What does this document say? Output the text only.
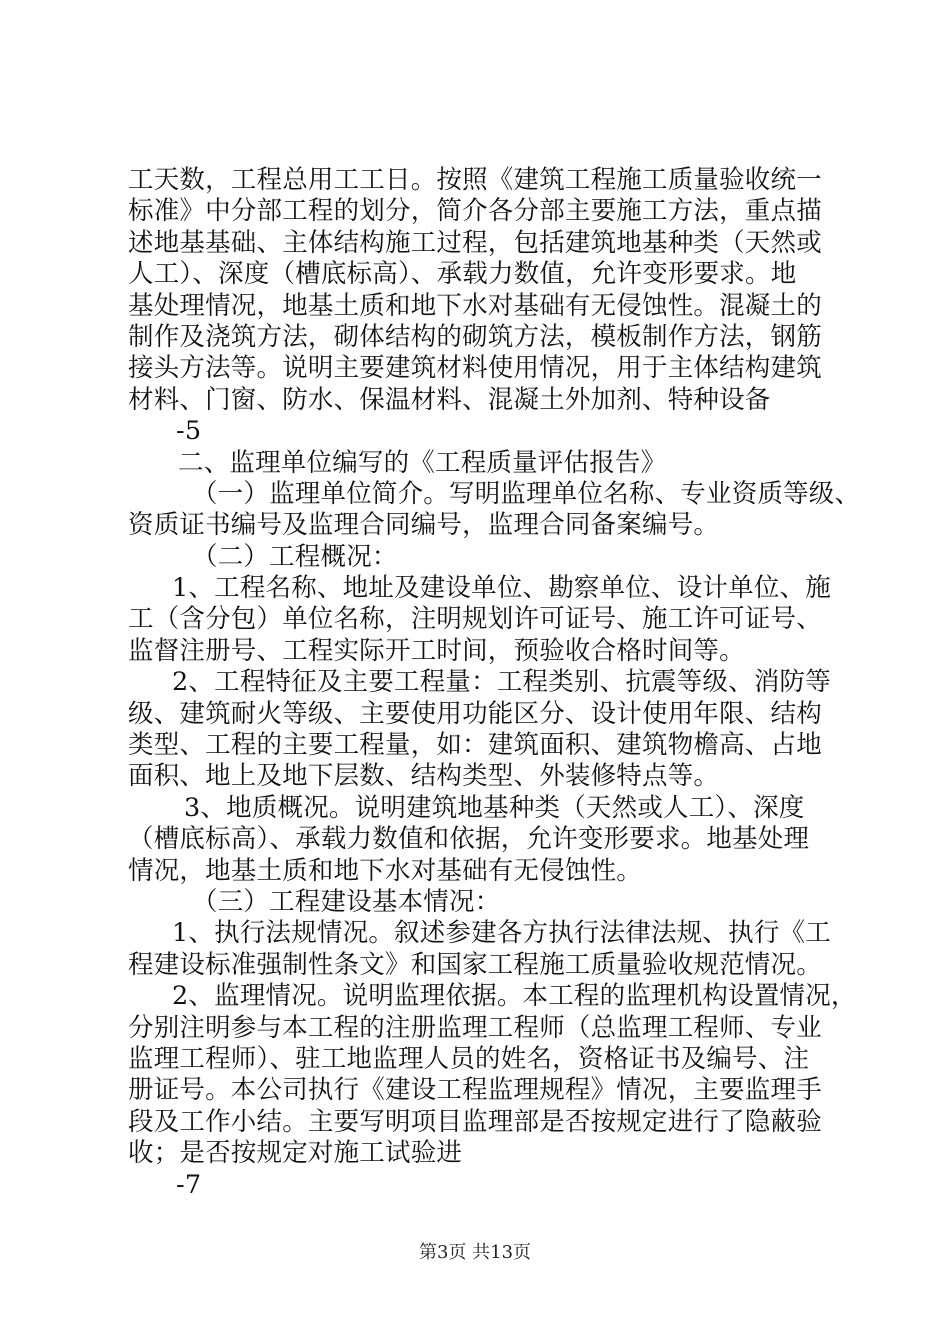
工天数，工程总用工工日。按照《建筑工程施工质量验收统一
标准》中分部工程的划分，简介各分部主要施工方法，重点描
述地基基础、主体结构施工过程，包括建筑地基种类（天然或
人工）、深度（槽底标高）、承载力数值，允许变形要求。地
基处理情况，地基土质和地下水对基础有无侵蚀性。混凝土的
制作及浇筑方法，砌体结构的砌筑方法，模板制作方法，钢筋
接头方法等。说明主要建筑材料使用情况，用于主体结构建筑
材料、门窗、防水、保温材料、混凝土外加剂、特种设备
-5
二、监理单位编写的《工程质量评估报告》
（一）监理单位简介。写明监理单位名称、专业资质等级、
资质证书编号及监理合同编号，监理合同备案编号。
（二）工程概况：
1、工程名称、地址及建设单位、勘察单位、设计单位、施
工（含分包）单位名称，注明规划许可证号、施工许可证号、
监督注册号、工程实际开工时间，预验收合格时间等。
2、工程特征及主要工程量：工程类别、抗震等级、消防等
级、建筑耐火等级、主要使用功能区分、设计使用年限、结构
类型、工程的主要工程量，如：建筑面积、建筑物檐高、占地
面积、地上及地下层数、结构类型、外装修特点等。
3、地质概况。说明建筑地基种类（天然或人工）、深度
（槽底标高）、承载力数值和依据，允许变形要求。地基处理
情况，地基土质和地下水对基础有无侵蚀性。
（三）工程建设基本情况：
1、执行法规情况。叙述参建各方执行法律法规、执行《工
程建设标准强制性条文》和国家工程施工质量验收规范情况。
2、监理情况。说明监理依据。本工程的监理机构设置情况，
分别注明参与本工程的注册监理工程师（总监理工程师、专业
监理工程师）、驻工地监理人员的姓名，资格证书及编号、注
册证号。本公司执行《建设工程监理规程》情况，主要监理手
段及工作小结。主要写明项目监理部是否按规定进行了隐蔽验
收；是否按规定对施工试验进
-7
第3页 共13页
